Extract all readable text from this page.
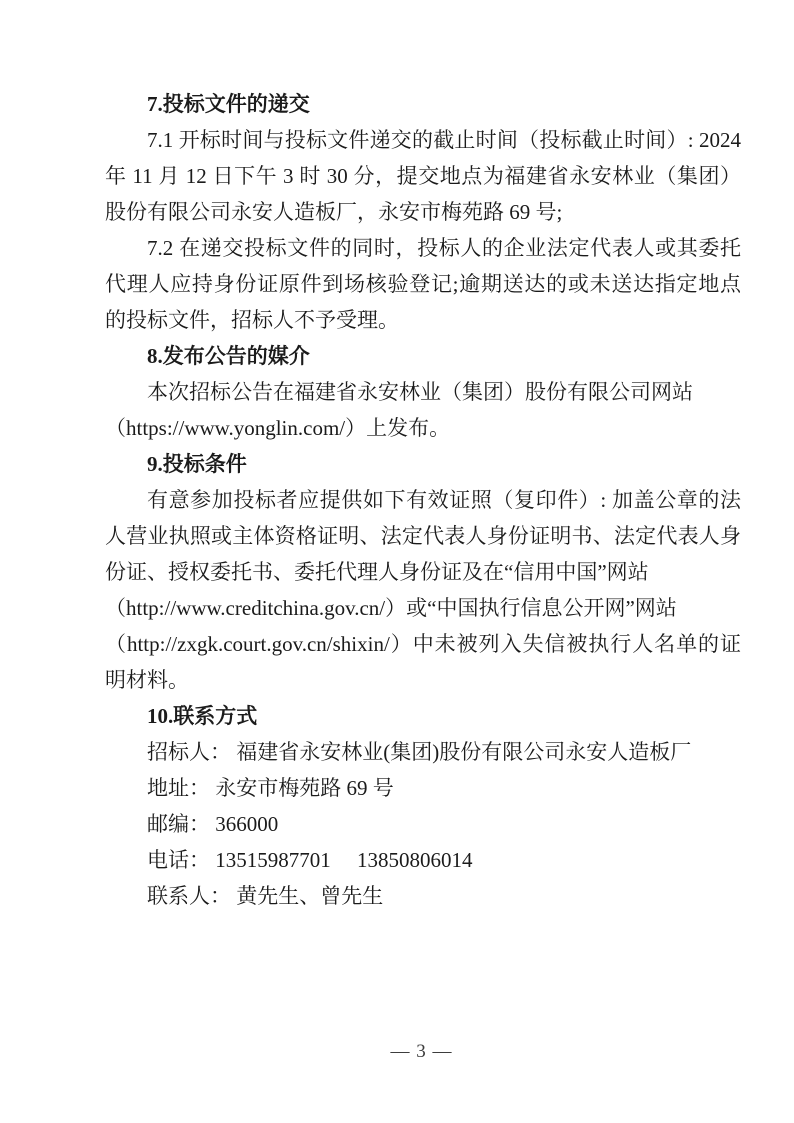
7.投标文件的递交
7.1 开标时间与投标文件递交的截止时间（投标截止时间）: 2024
年 11 月 12 日下午 3 时 30 分，提交地点为福建省永安林业（集团）
股份有限公司永安人造板厂，永安市梅苑路 69 号;
7.2 在递交投标文件的同时，投标人的企业法定代表人或其委托
代理人应持身份证原件到场核验登记;逾期送达的或未送达指定地点
的投标文件，招标人不予受理。
8.发布公告的媒介
本次招标公告在福建省永安林业（集团）股份有限公司网站
（https://www.yonglin.com/）上发布。
9.投标条件
有意参加投标者应提供如下有效证照（复印件）: 加盖公章的法
人营业执照或主体资格证明、法定代表人身份证明书、法定代表人身
份证、授权委托书、委托代理人身份证及在“信用中国”网站
（http://www.creditchina.gov.cn/）或“中国执行信息公开网”网站
（http://zxgk.court.gov.cn/shixin/）中未被列入失信被执行人名单的证
明材料。
10.联系方式
招标人： 福建省永安林业(集团)股份有限公司永安人造板厂
地址： 永安市梅苑路 69 号
邮编： 366000
电话： 13515987701　 13850806014
联系人： 黄先生、曾先生
— 3 —
